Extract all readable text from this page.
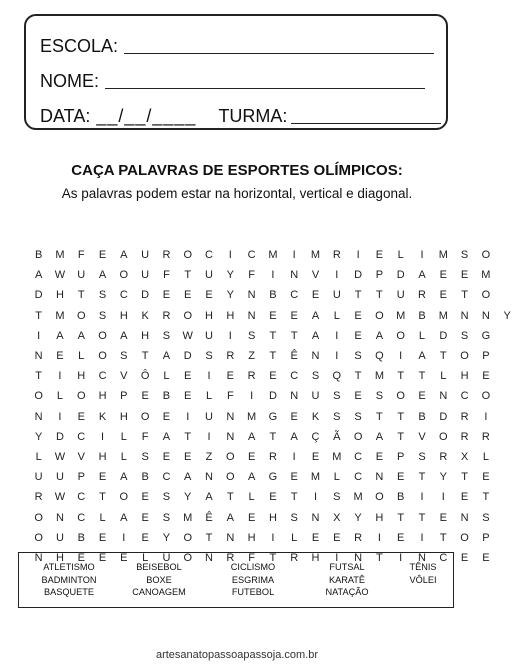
ESCOLA:
NOME:
DATA: __/__/____ TURMA:
CAÇA PALAVRAS DE ESPORTES OLÍMPICOS:
As palavras podem estar na horizontal, vertical e diagonal.
B	M	F	E	A	U	R	O	C	I	C	M	I	M	R	I	E	L	I	M	S	O
A	W	U	A	O	U	F	T	U	Y	F	I	N	V	I	D	P	D	A	E	E	M
D	H	T	S	C	D	E	E	E	Y	N	B	C	E	U	T	T	U	R	E	T	O
T	M	O	S	H	K	R	O	H	H	N	E	E	A	L	E	O	M	B	M	N	N	Y
I	A	A	O	A	H	S	W	U	I	S	T	T	A	I	E	A	O	L	D	S	G
N	E	L	O	S	T	A	D	S	R	Z	T	Ê	N	I	S	Q	I	A	T	O	P
T	I	H	C	V	Ô	L	E	I	E	R	E	C	S	Q	T	M	T	T	L	H	E
O	L	O	H	P	E	B	E	L	F	I	D	N	U	S	E	S	O	E	N	C	O
N	I	E	K	H	O	E	I	U	N	M	G	E	K	S	S	T	T	B	D	R	I
Y	D	C	I	L	F	A	T	I	N	A	T	A	Ç	Ã	O	A	T	V	O	R	R
L	W	V	H	L	S	E	E	Z	O	E	R	I	E	M	C	E	P	S	R	X	L
U	U	P	E	A	B	C	A	N	O	A	G	E	M	L	C	N	E	T	Y	T	E
R	W	C	T	O	E	S	Y	A	T	L	E	T	I	S	M	O	B	I	I	E	T
O	N	C	L	A	E	S	M	Ê	A	E	H	S	N	X	Y	H	T	T	E	N	S
O	U	B	E	I	E	Y	O	T	N	H	I	L	E	E	R	I	E	I	T	O	P
N	H	E	E	E	L	U	O	N	R	F	T	R	H	I	N	T	I	N	C	E	E
ATLETISMO
BADMINTON
BASQUETE
BEISEBOL
BOXE
CANOAGEM
CICLISMO
ESGRIMA
FUTEBOL
FUTSAL
KARATÊ
NATAÇÃO
TÊNIS
VÔLEI
artesanatopassoapassoja.com.br
